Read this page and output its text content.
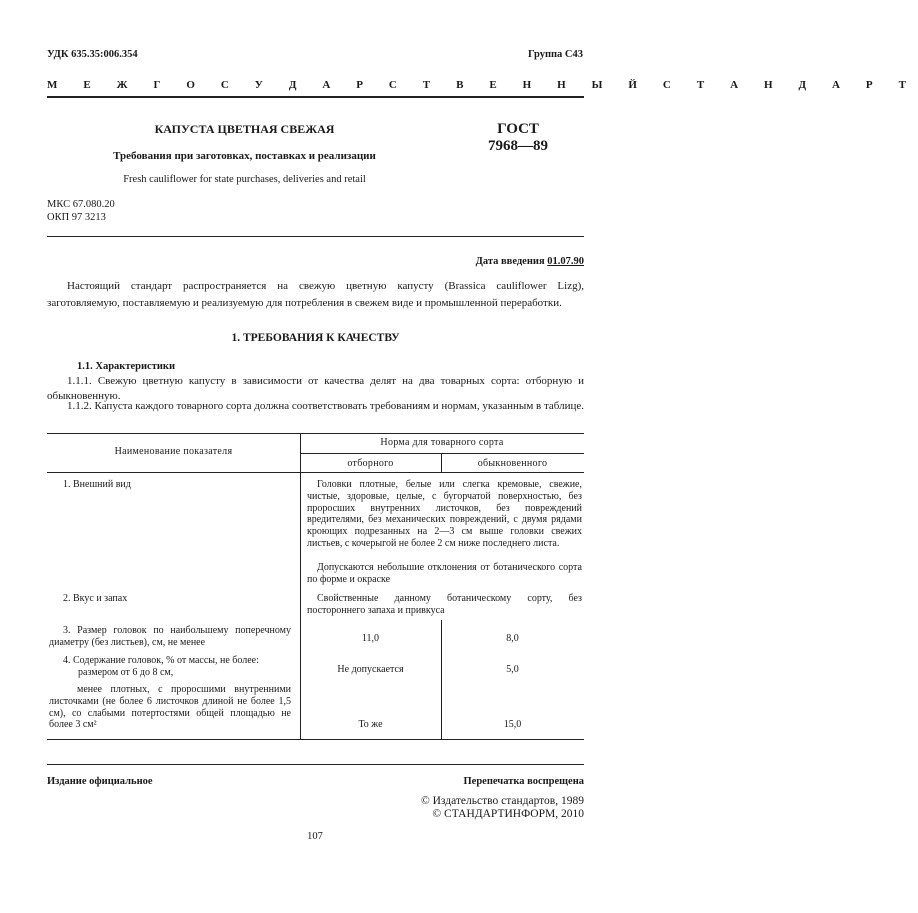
УДК 635.35:006.354	Группа С43
М Е Ж Г О С У Д А Р С Т В Е Н Н Ы Й С Т А Н Д А Р Т
КАПУСТА ЦВЕТНАЯ СВЕЖАЯ
Требования при заготовках, поставках и реализации
Fresh cauliflower for state purchases, deliveries and retail
МКС 67.080.20
ОКП 97 3213
ГОСТ
7968—89
Дата введения 01.07.90
Настоящий стандарт распространяется на свежую цветную капусту (Brassica cauliflower Lizg), заготовляемую, поставляемую и реализуемую для потребления в свежем виде и промышленной переработки.
1. ТРЕБОВАНИЯ К КАЧЕСТВУ
1.1. Характеристики
1.1.1. Свежую цветную капусту в зависимости от качества делят на два товарных сорта: отборную и обыкновенную.
1.1.2. Капуста каждого товарного сорта должна соответствовать требованиям и нормам, указанным в таблице.
Наименование показателя
Норма для товарного сорта
отборного	обыкновенного
1. Внешний вид	Головки плотные, белые или слегка кремовые, свежие, чистые, здоровые, целые, с бугорчатой поверхностью, без проросших внутренних листочков, без повреждений вредителями, без механических повреждений, с двумя рядами кроющих подрезанных на 2—3 см выше головки свежих листьев, с кочерыгой не более 2 см ниже последнего листа.
Допускаются небольшие отклонения от ботанического сорта по форме и окраске
2. Вкус и запах	Свойственные данному ботаническому сорту, без постороннего запаха и привкуса
3. Размер головок по наибольшему поперечному диаметру (без листьев), см, не менее	11,0	8,0
4. Содержание головок, % от массы, не более:
размером от 6 до 8 см,	Не допускается	5,0
менее плотных, с проросшими внутренними листочками (не более 6 листочков длиной не более 1,5 см), со слабыми потертостями общей площадью не более 3 см²	То же	15,0
Издание официальное	Перепечатка воспрещена
© Издательство стандартов, 1989
© СТАНДАРТИНФОРМ, 2010
107
